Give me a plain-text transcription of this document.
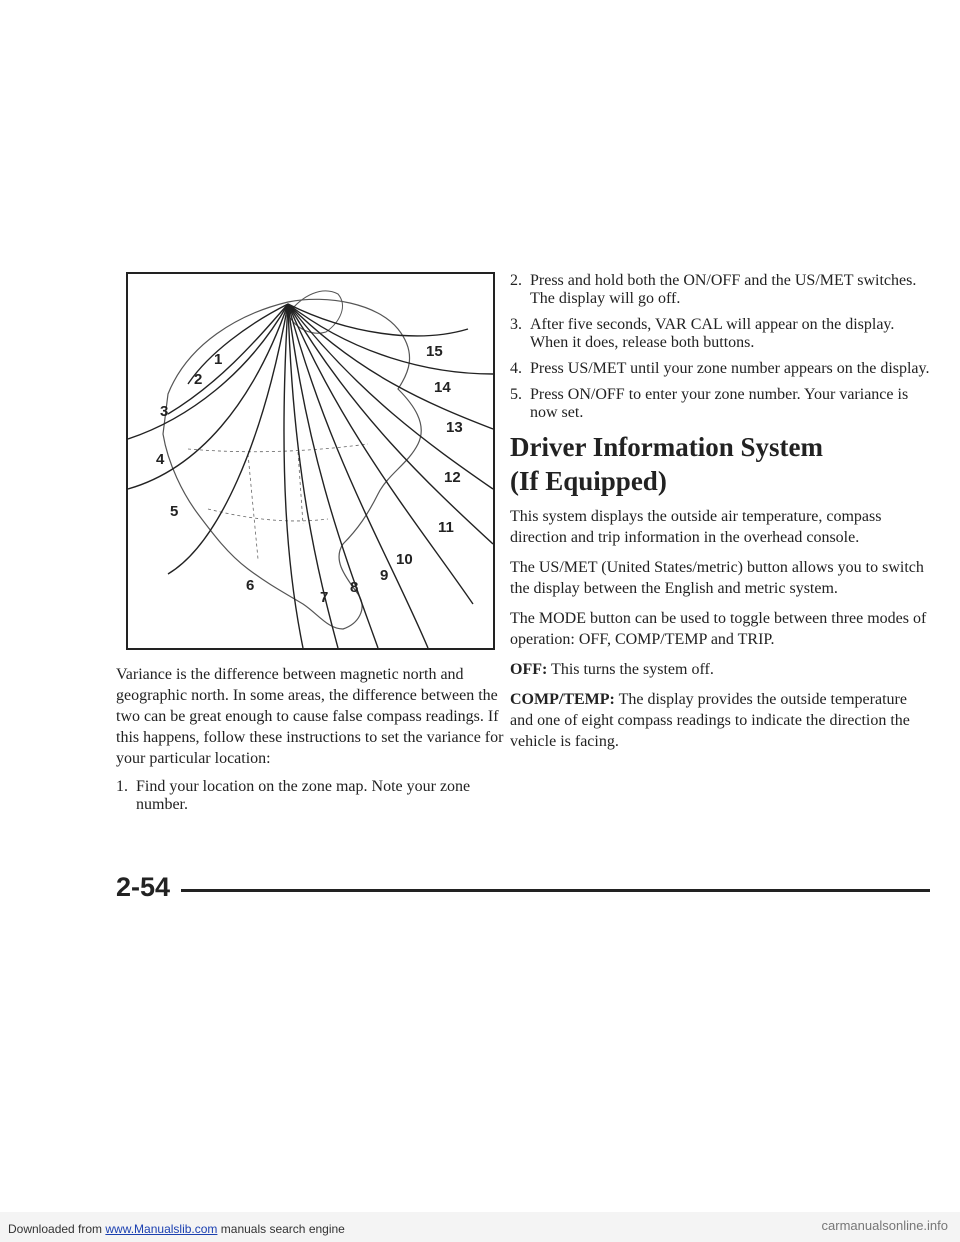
1
2
3
4
5
6
7
8
9
10
11
12
13
14
15

Variance is the difference between magnetic north and geographic north. In some areas, the difference between the two can be great enough to cause false compass readings. If this happens, follow these instructions to set the variance for your particular location:

1. Find your location on the zone map. Note your zone number.
2. Press and hold both the ON/OFF and the US/MET switches. The display will go off.
3. After five seconds, VAR CAL will appear on the display. When it does, release both buttons.
4. Press US/MET until your zone number appears on the display.
5. Press ON/OFF to enter your zone number. Your variance is now set.
Driver Information System
(If Equipped)

This system displays the outside air temperature, compass direction and trip information in the overhead console.

The US/MET (United States/metric) button allows you to switch the display between the English and metric system.

The MODE button can be used to toggle between three modes of operation: OFF, COMP/TEMP and TRIP.

OFF: This turns the system off.

COMP/TEMP: The display provides the outside temperature and one of eight compass readings to indicate the direction the vehicle is facing.

2-54
Downloaded from www.Manualslib.com manuals search engine	carmanualsonline.info
